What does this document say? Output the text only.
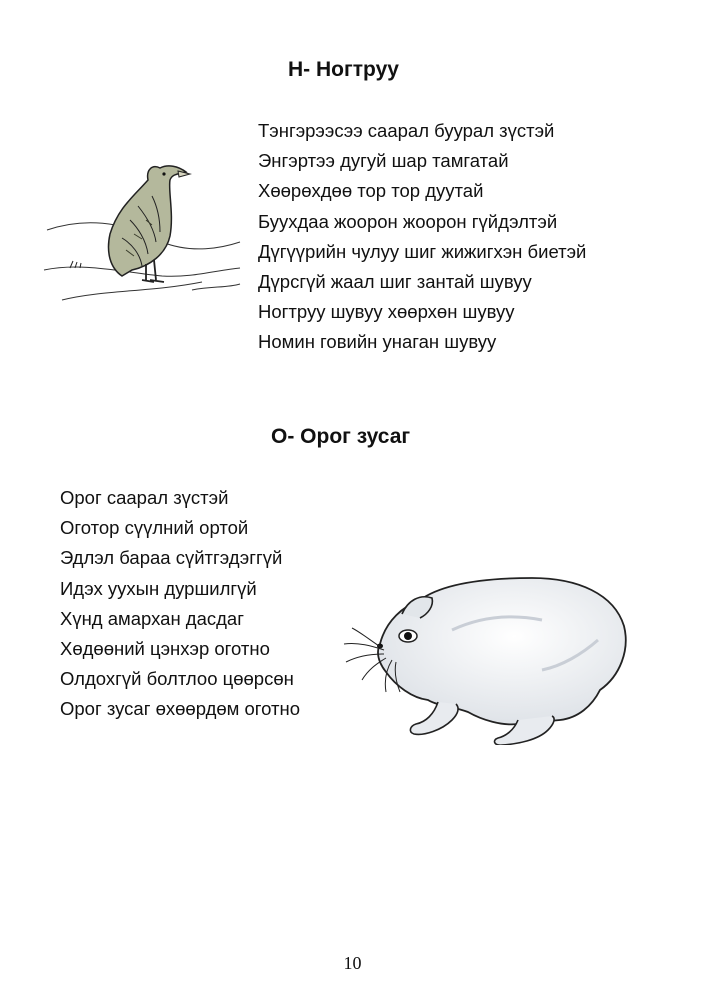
Н- Ногтруу
Тэнгэрээсээ саарал буурал зүстэй
Энгэртээ дугуй шар тамгатай
Хөөрөхдөө тор тор дуутай
Буухдаа жоорон жоорон гүйдэлтэй
Дүгүүрийн чулуу шиг жижигхэн биетэй
Дүрсгүй жаал шиг зантай шувуу
Ногтруу шувуу хөөрхөн шувуу
Номин говийн унаган шувуу
О- Орог зусаг
Орог саарал зүстэй
Оготор сүүлний ортой
Эдлэл бараа сүйтгэдэггүй
Идэх уухын дуршилгүй
Хүнд амархан дасдаг
Хөдөөний цэнхэр оготно
Олдохгүй болтлоо цөөрсөн
Орог зусаг өхөөрдөм оготно
10
